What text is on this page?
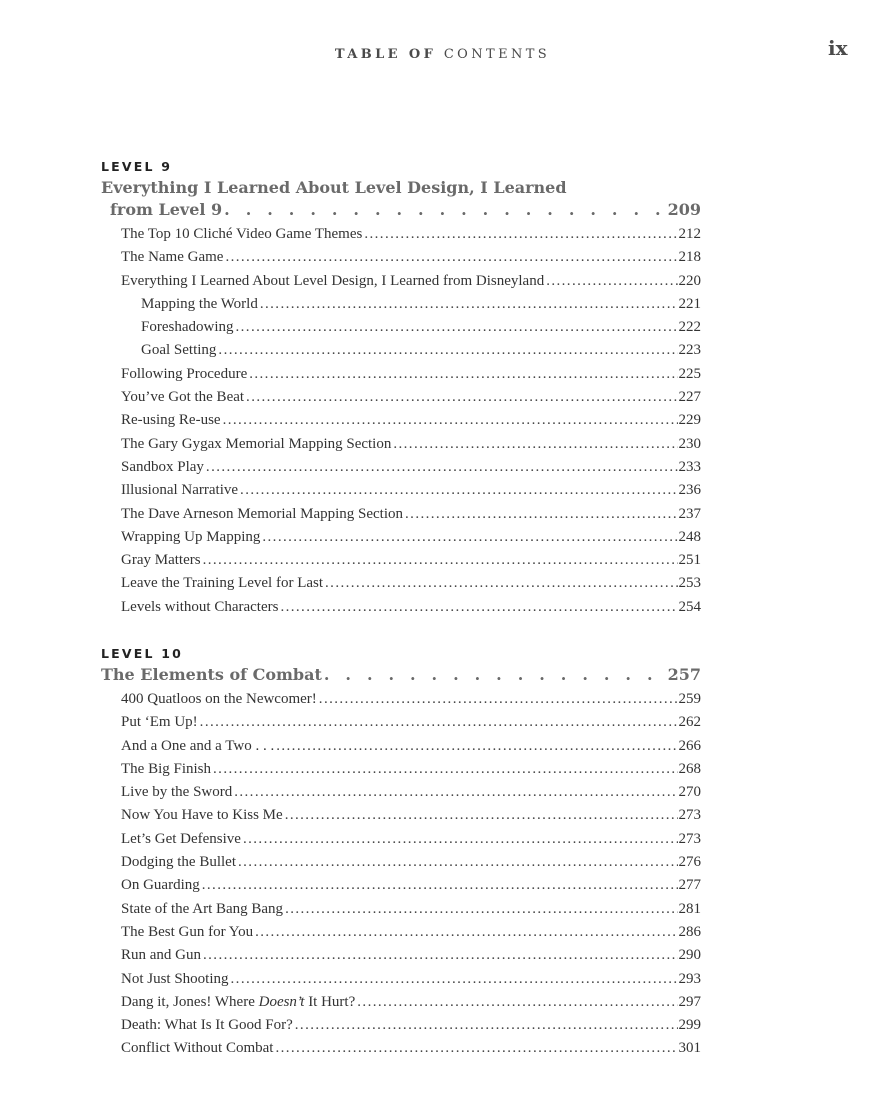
TABLE OF CONTENTS	ix
LEVEL 9
Everything I Learned About Level Design, I Learned
from Level 9 . . .	209
The Top 10 Cliché Video Game Themes .....	212
The Name Game .....	218
Everything I Learned About Level Design, I Learned from Disneyland .....	220
Mapping the World .....	221
Foreshadowing .....	222
Goal Setting .....	223
Following Procedure .....	225
You’ve Got the Beat .....	227
Re-using Re-use .....	229
The Gary Gygax Memorial Mapping Section .....	230
Sandbox Play .....	233
Illusional Narrative .....	236
The Dave Arneson Memorial Mapping Section .....	237
Wrapping Up Mapping .....	248
Gray Matters .....	251
Leave the Training Level for Last .....	253
Levels without Characters .....	254
LEVEL 10
The Elements of Combat . . .	257
400 Quatloos on the Newcomer! .....	259
Put ‘Em Up! .....	262
And a One and a Two . . . .....	266
The Big Finish .....	268
Live by the Sword .....	270
Now You Have to Kiss Me .....	273
Let’s Get Defensive .....	273
Dodging the Bullet .....	276
On Guarding .....	277
State of the Art Bang Bang .....	281
The Best Gun for You .....	286
Run and Gun .....	290
Not Just Shooting .....	293
Dang it, Jones! Where Doesn’t It Hurt? .....	297
Death: What Is It Good For? .....	299
Conflict Without Combat .....	301
